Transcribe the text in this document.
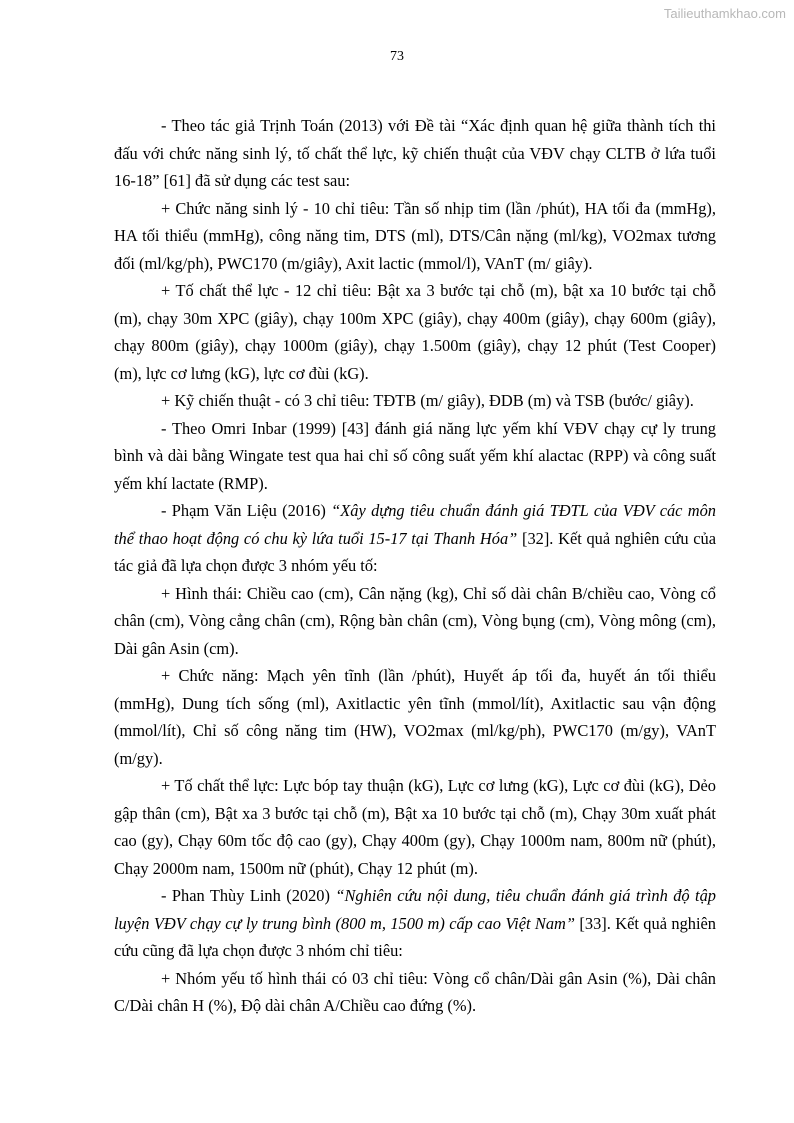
Tailieuthamkhao.com
73

- Theo tác giả Trịnh Toán (2013) với Đề tài “Xác định quan hệ giữa thành tích thi đấu với chức năng sinh lý, tố chất thể lực, kỹ chiến thuật của VĐV chạy CLTB ở lứa tuổi 16-18” [61] đã sử dụng các test sau:

+ Chức năng sinh lý - 10 chỉ tiêu: Tần số nhịp tim (lần /phút), HA tối đa (mmHg), HA tối thiểu (mmHg), công năng tim, DTS (ml), DTS/Cân nặng (ml/kg), VO2max tương đối (ml/kg/ph), PWC170 (m/giây), Axit lactic (mmol/l), VAnT (m/ giây).

+ Tố chất thể lực - 12 chỉ tiêu: Bật xa 3 bước tại chỗ (m), bật xa 10 bước tại chỗ (m), chạy 30m XPC (giây), chạy 100m XPC (giây), chạy 400m (giây), chạy 600m (giây), chạy 800m (giây), chạy 1000m (giây), chạy 1.500m (giây), chạy 12 phút (Test Cooper) (m), lực cơ lưng (kG), lực cơ đùi (kG).

+ Kỹ chiến thuật - có 3 chỉ tiêu: TĐTB (m/ giây), ĐDB (m) và TSB (bước/ giây).

- Theo Omri Inbar (1999) [43] đánh giá năng lực yếm khí VĐV chạy cự ly trung bình và dài bằng Wingate test qua hai chỉ số công suất yếm khí alactac (RPP) và công suất yếm khí lactate (RMP).

- Phạm Văn Liệu (2016) “Xây dựng tiêu chuẩn đánh giá TĐTL của VĐV các môn thể thao hoạt động có chu kỳ lứa tuổi 15-17 tại Thanh Hóa” [32]. Kết quả nghiên cứu của tác giả đã lựa chọn được 3 nhóm yếu tố:

+ Hình thái: Chiều cao (cm), Cân nặng (kg), Chỉ số dài chân B/chiều cao, Vòng cổ chân (cm), Vòng cẳng chân (cm), Rộng bàn chân (cm), Vòng bụng (cm), Vòng mông (cm), Dài gân Asin (cm).

+ Chức năng: Mạch yên tĩnh (lần /phút), Huyết áp tối đa, huyết án tối thiểu (mmHg), Dung tích sống (ml), Axitlactic yên tĩnh (mmol/lít), Axitlactic sau vận động (mmol/lít), Chỉ số công năng tim (HW), VO2max (ml/kg/ph), PWC170 (m/gy), VAnT (m/gy).

+ Tố chất thể lực: Lực bóp tay thuận (kG), Lực cơ lưng (kG), Lực cơ đùi (kG), Dẻo gập thân (cm), Bật xa 3 bước tại chỗ (m), Bật xa 10 bước tại chỗ (m), Chạy 30m xuất phát cao (gy), Chạy 60m tốc độ cao (gy), Chạy 400m (gy), Chạy 1000m nam, 800m nữ (phút), Chạy 2000m nam, 1500m nữ (phút), Chạy 12 phút (m).

- Phan Thùy Linh (2020) “Nghiên cứu nội dung, tiêu chuẩn đánh giá trình độ tập luyện VĐV chạy cự ly trung bình (800 m, 1500 m) cấp cao Việt Nam” [33]. Kết quả nghiên cứu cũng đã lựa chọn được 3 nhóm chỉ tiêu:

+ Nhóm yếu tố hình thái có 03 chỉ tiêu: Vòng cổ chân/Dài gân Asin (%), Dài chân C/Dài chân H (%), Độ dài chân A/Chiều cao đứng (%).
